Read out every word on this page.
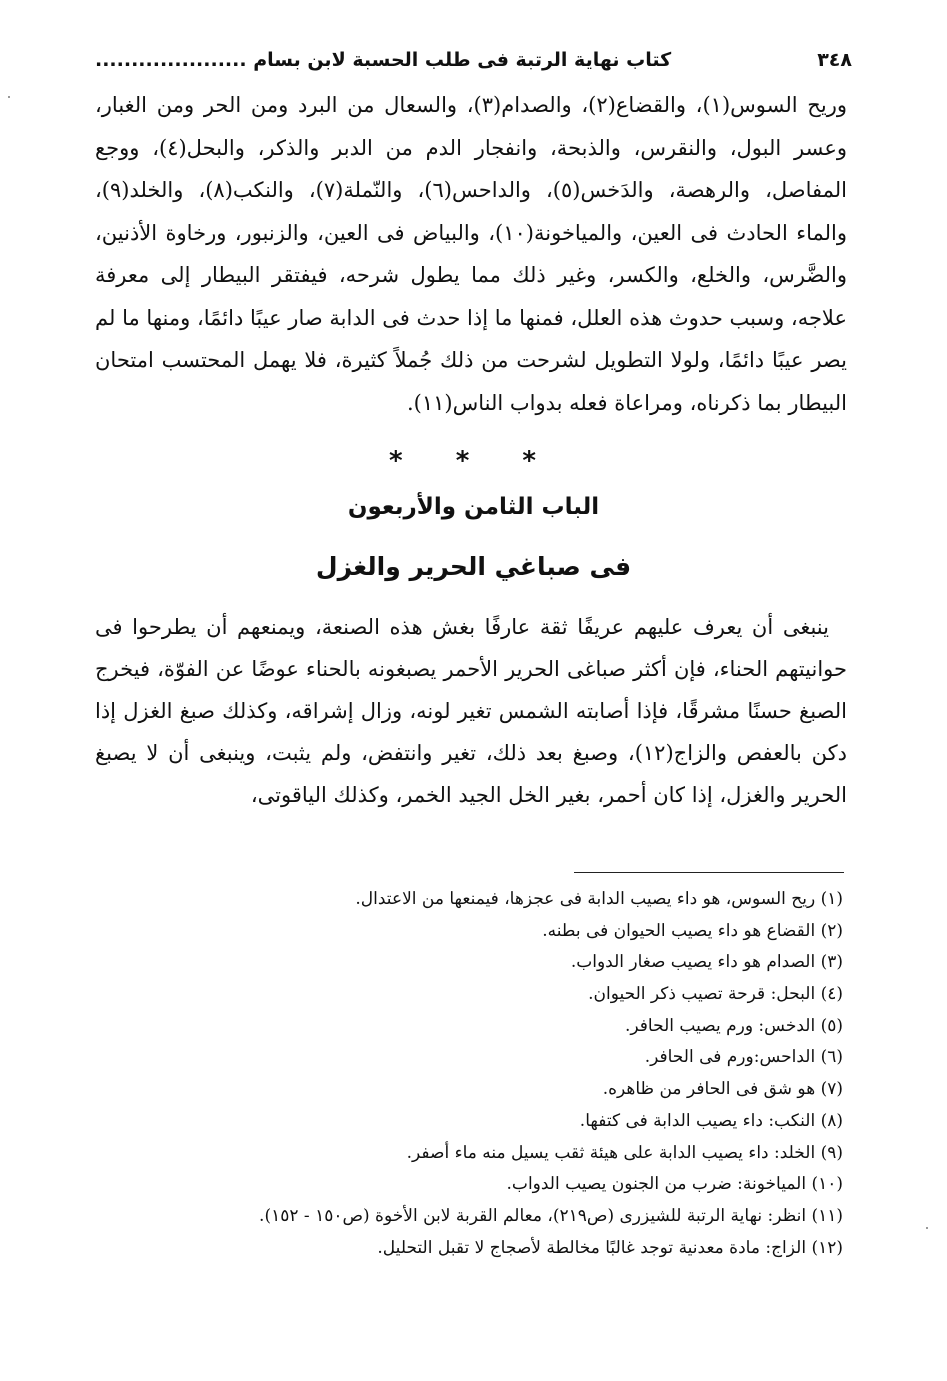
٣٤٨
كتاب نهاية الرتبة فى طلب الحسبة لابن بسام .....................

وريح السوس(١)، والقضاع(٢)، والصدام(٣)، والسعال من البرد ومن الحر ومن الغبار، وعسر البول، والنقرس، والذبحة، وانفجار الدم من الدبر والذكر، والبحل(٤)، ووجع المفاصل، والرهصة، والدَخس(٥)، والداحس(٦)، والنّملة(٧)، والنكب(٨)، والخلد(٩)، والماء الحادث فى العين، والمياخونة(١٠)، والبياض فى العين، والزنبور، ورخاوة الأذنين، والضَّرس، والخلع، والكسر، وغير ذلك مما يطول شرحه، فيفتقر البيطار إلى معرفة علاجه، وسبب حدوث هذه العلل، فمنها ما إذا حدث فى الدابة صار عيبًا دائمًا، ومنها ما لم يصر عيبًا دائمًا، ولولا التطويل لشرحت من ذلك جُملاً كثيرة، فلا يهمل المحتسب امتحان البيطار بما ذكرناه، ومراعاة فعله بدواب الناس(١١).

* * *
الباب الثامن والأربعون
فى صباغي الحرير والغزل

ينبغى أن يعرف عليهم عريفًا ثقة عارفًا بغش هذه الصنعة، ويمنعهم أن يطرحوا فى حوانيتهم الحناء، فإن أكثر صباغى الحرير الأحمر يصبغونه بالحناء عوضًا عن الفوّة، فيخرج الصبغ حسنًا مشرقًا، فإذا أصابته الشمس تغير لونه، وزال إشراقه، وكذلك صبغ الغزل إذا دكن بالعفص والزاج(١٢)، وصبغ بعد ذلك، تغير وانتفض، ولم يثبت، وينبغى أن لا يصبغ الحرير والغزل، إذا كان أحمر، بغير الخل الجيد الخمر، وكذلك الياقوتى،

(١) ريح السوس، هو داء يصيب الدابة فى عجزها، فيمنعها من الاعتدال.
(٢) القضاع هو داء يصيب الحيوان فى بطنه.
(٣) الصدام هو داء يصيب صغار الدواب.
(٤) البحل: قرحة تصيب ذكر الحيوان.
(٥) الدخس: ورم يصيب الحافر.
(٦) الداحس:ورم فى الحافر.
(٧) هو شق فى الحافر من ظاهره.
(٨) النكب: داء يصيب الدابة فى كتفها.
(٩) الخلد: داء يصيب الدابة على هيئة ثقب يسيل منه ماء أصفر.
(١٠) المياخونة: ضرب من الجنون يصيب الدواب.
(١١) انظر: نهاية الرتبة للشيزرى (ص٢١٩)، معالم القربة لابن الأخوة (ص١٥٠ - ١٥٢).
(١٢) الزاج: مادة معدنية توجد غالبًا مخالطة لأصجاج لا تقبل التحليل.
